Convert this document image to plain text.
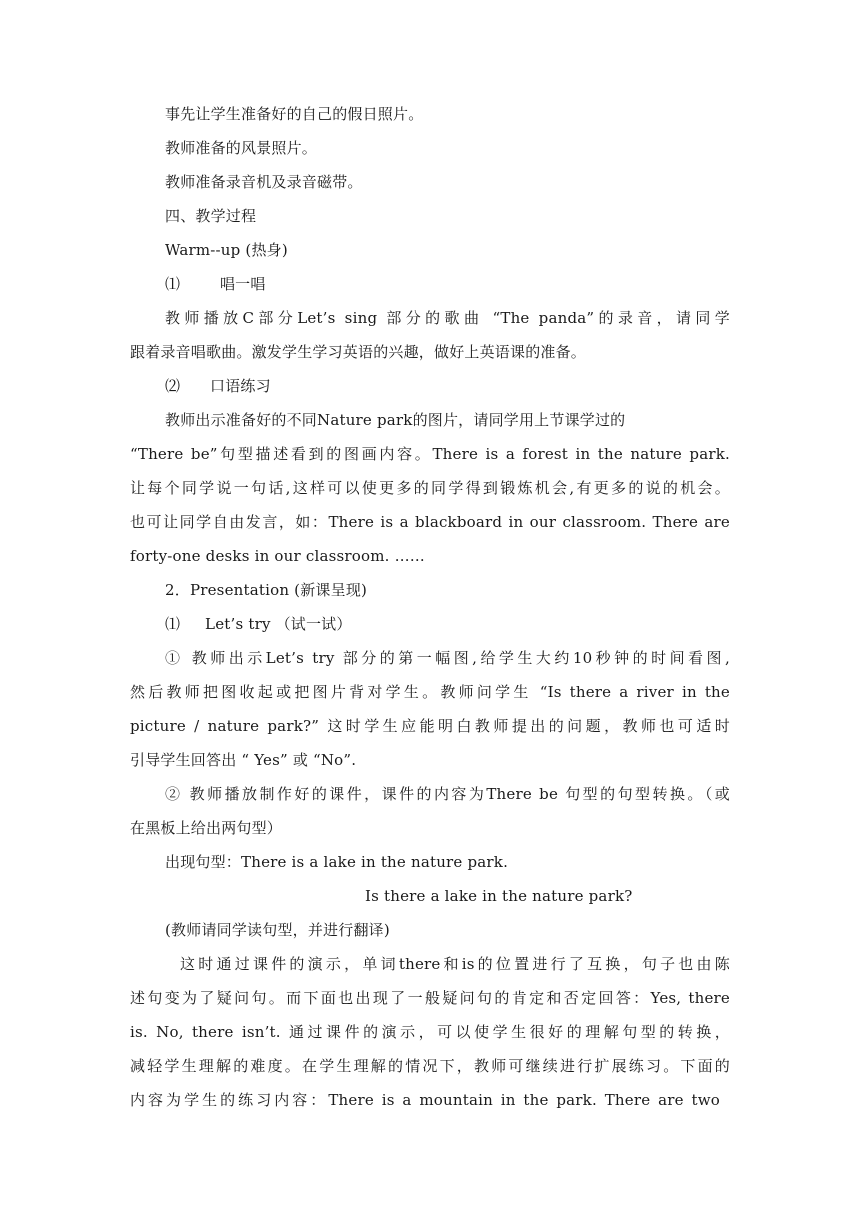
事先让学生准备好的自己的假日照片。
教师准备的风景照片。
教师准备录音机及录音磁带。
四、教学过程
Warm--up (热身)
⑴        唱一唱
教师播放C部分Let’s sing 部分的歌曲 “The panda”的录音，请同学
跟着录音唱歌曲。激发学生学习英语的兴趣，做好上英语课的准备。
⑵      口语练习
教师出示准备好的不同Nature park的图片，请同学用上节课学过的
“There be”句型描述看到的图画内容。There is a forest in the nature park.
让每个同学说一句话,这样可以使更多的同学得到锻炼机会,有更多的说的机会。
也可让同学自由发言，如：There is a blackboard in our classroom. There are
forty-one desks in our classroom. ……
2．Presentation (新课呈现)
⑴     Let’s try （试一试）
① 教师出示Let’s try 部分的第一幅图,给学生大约10秒钟的时间看图,
然后教师把图收起或把图片背对学生。教师问学生 “Is there a river in the
picture / nature park?” 这时学生应能明白教师提出的问题，教师也可适时
引导学生回答出 “ Yes” 或 “No”.
② 教师播放制作好的课件，课件的内容为There be 句型的句型转换。（或
在黑板上给出两句型）
出现句型：There is a lake in the nature park.
Is there a lake in the nature park?
(教师请同学读句型，并进行翻译)
这时通过课件的演示，单词there和is的位置进行了互换，句子也由陈
述句变为了疑问句。而下面也出现了一般疑问句的肯定和否定回答：Yes, there
is. No, there isn’t. 通过课件的演示，可以使学生很好的理解句型的转换，
减轻学生理解的难度。在学生理解的情况下，教师可继续进行扩展练习。下面的
内容为学生的练习内容：There is a mountain in the park. There are two
